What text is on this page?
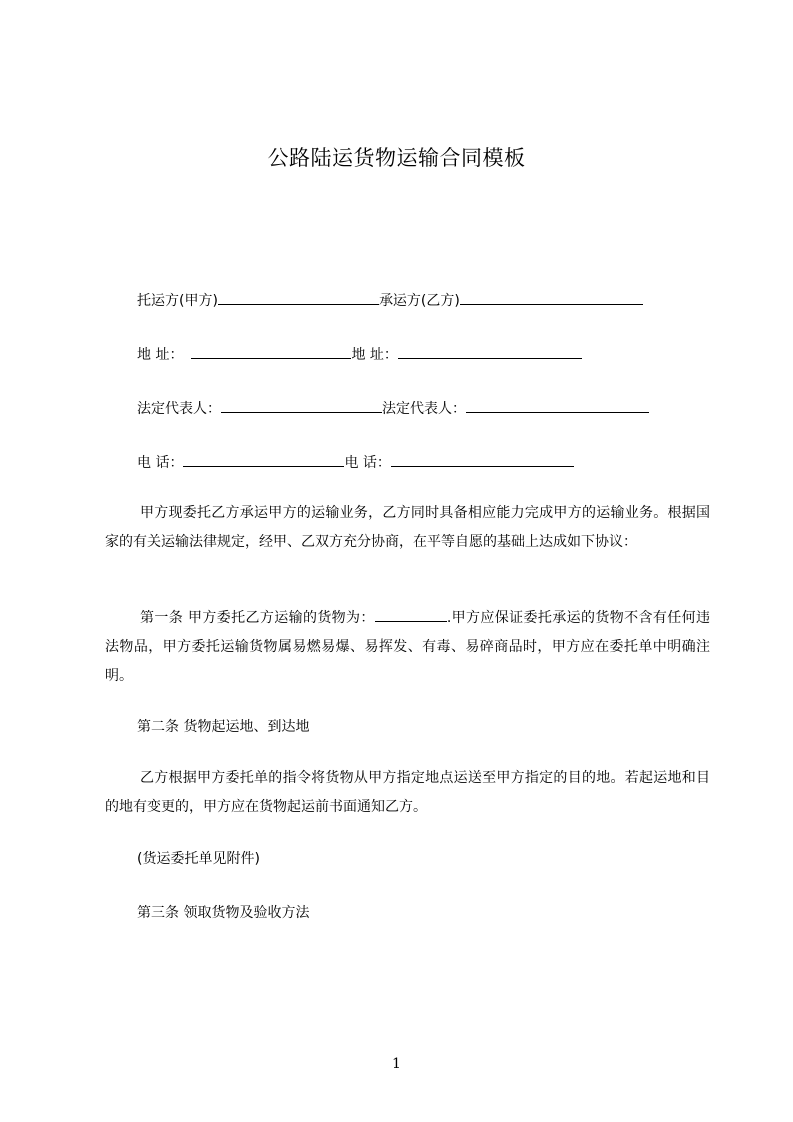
公路陆运货物运输合同模板
托运方(甲方)	承运方(乙方)
地 址：	地 址：
法定代表人：	法定代表人：
电 话：	电 话：
甲方现委托乙方承运甲方的运输业务，乙方同时具备相应能力完成甲方的运输业务。根据国家的有关运输法律规定，经甲、乙双方充分协商，在平等自愿的基础上达成如下协议：
第一条 甲方委托乙方运输的货物为：	.甲方应保证委托承运的货物不含有任何违法物品，甲方委托运输货物属易燃易爆、易挥发、有毒、易碎商品时，甲方应在委托单中明确注明。
第二条 货物起运地、到达地
乙方根据甲方委托单的指令将货物从甲方指定地点运送至甲方指定的目的地。若起运地和目的地有变更的，甲方应在货物起运前书面通知乙方。
(货运委托单见附件)
第三条 领取货物及验收方法
1
